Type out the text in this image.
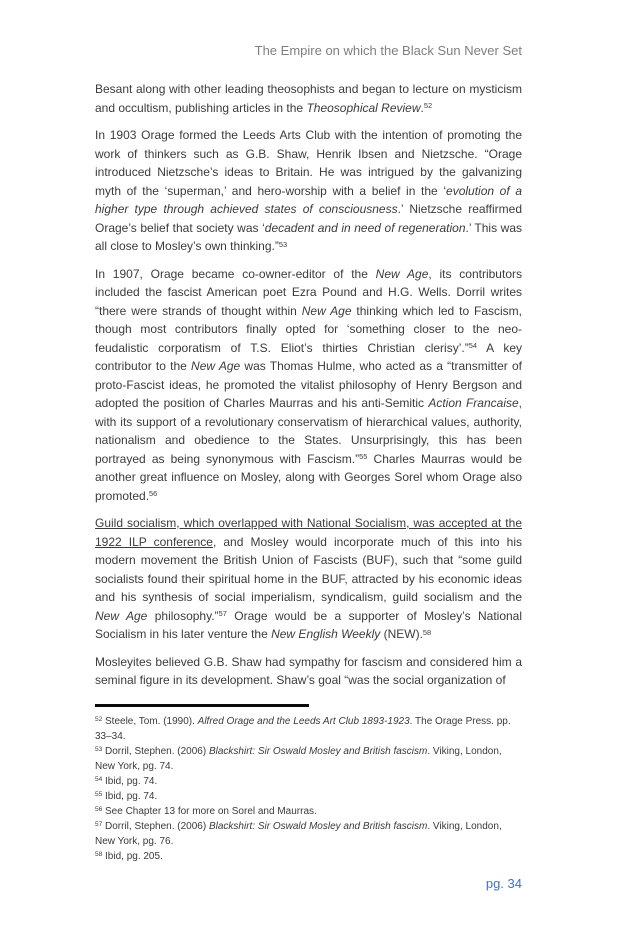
The Empire on which the Black Sun Never Set

Besant along with other leading theosophists and began to lecture on mysticism and occultism, publishing articles in the Theosophical Review.$^{52}$

In 1903 Orage formed the Leeds Arts Club with the intention of promoting the work of thinkers such as G.B. Shaw, Henrik Ibsen and Nietzsche. “Orage introduced Nietzsche’s ideas to Britain. He was intrigued by the galvanizing myth of the ‘superman,’ and hero-worship with a belief in the ‘evolution of a higher type through achieved states of consciousness.’ Nietzsche reaffirmed Orage’s belief that society was ‘decadent and in need of regeneration.’ This was all close to Mosley’s own thinking.”$^{53}$

In 1907, Orage became co-owner-editor of the New Age, its contributors included the fascist American poet Ezra Pound and H.G. Wells. Dorril writes “there were strands of thought within New Age thinking which led to Fascism, though most contributors finally opted for ‘something closer to the neo-feudalistic corporatism of T.S. Eliot’s thirties Christian clerisy’.”$^{54}$ A key contributor to the New Age was Thomas Hulme, who acted as a “transmitter of proto-Fascist ideas, he promoted the vitalist philosophy of Henry Bergson and adopted the position of Charles Maurras and his anti-Semitic Action Francaise, with its support of a revolutionary conservatism of hierarchical values, authority, nationalism and obedience to the States. Unsurprisingly, this has been portrayed as being synonymous with Fascism.”$^{55}$ Charles Maurras would be another great influence on Mosley, along with Georges Sorel whom Orage also promoted.$^{56}$

Guild socialism, which overlapped with National Socialism, was accepted at the 1922 ILP conference, and Mosley would incorporate much of this into his modern movement the British Union of Fascists (BUF), such that “some guild socialists found their spiritual home in the BUF, attracted by his economic ideas and his synthesis of social imperialism, syndicalism, guild socialism and the New Age philosophy.”$^{57}$ Orage would be a supporter of Mosley’s National Socialism in his later venture the New English Weekly (NEW).$^{58}$

Mosleyites believed G.B. Shaw had sympathy for fascism and considered him a seminal figure in its development. Shaw’s goal “was the social organization of

$^{52}$ Steele, Tom. (1990). Alfred Orage and the Leeds Art Club 1893-1923. The Orage Press. pp. 33–34.
$^{53}$ Dorril, Stephen. (2006) Blackshirt: Sir Oswald Mosley and British fascism. Viking, London, New York, pg. 74.
$^{54}$ Ibid, pg. 74.
$^{55}$ Ibid, pg. 74.
$^{56}$ See Chapter 13 for more on Sorel and Maurras.
$^{57}$ Dorril, Stephen. (2006) Blackshirt: Sir Oswald Mosley and British fascism. Viking, London, New York, pg. 76.
$^{58}$ Ibid, pg. 205.
pg. 34
